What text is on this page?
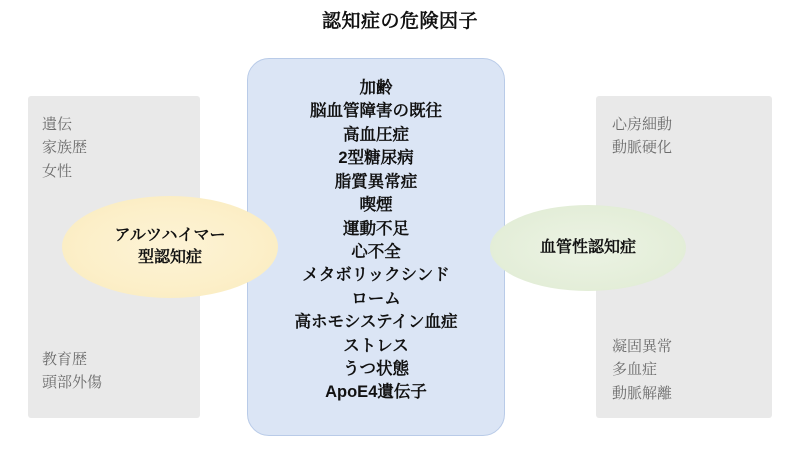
認知症の危険因子
加齢
脳血管障害の既往
高血圧症
2型糖尿病
脂質異常症
喫煙
運動不足
心不全
メタボリックシンド
ローム
高ホモシステイン血症
ストレス
うつ状態
ApoE4遺伝子
遺伝
家族歴
女性
教育歴
頭部外傷
心房細動
動脈硬化
凝固異常
多血症
動脈解離
アルツハイマー
型認知症
血管性認知症
